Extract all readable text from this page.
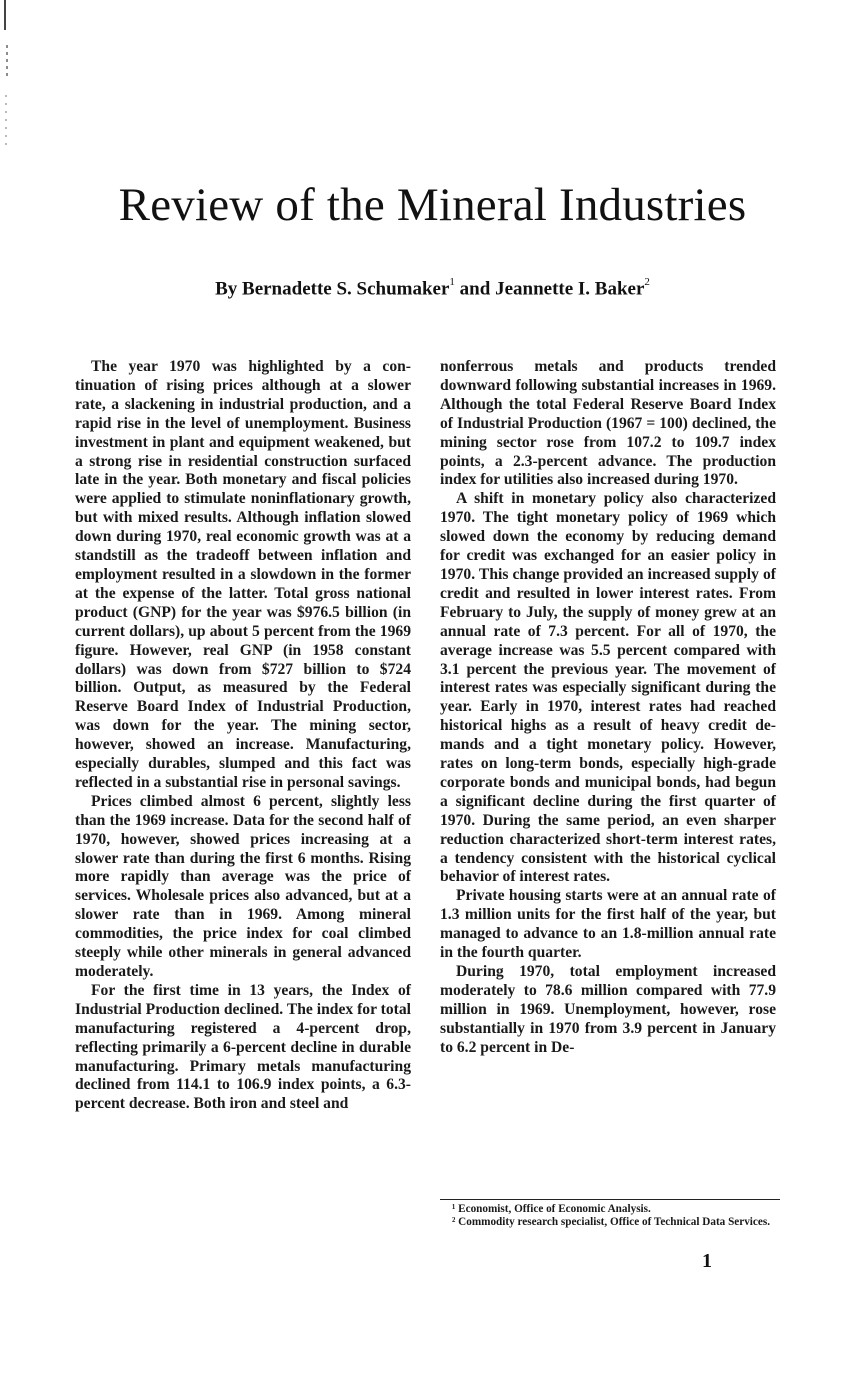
Review of the Mineral Industries

By Bernadette S. Schumaker$^1$ and Jeannette I. Baker$^2$

The year 1970 was highlighted by a continuation of rising prices although at a slower rate, a slackening in industrial production, and a rapid rise in the level of unemployment. Business investment in plant and equipment weakened, but a strong rise in residential construction surfaced late in the year. Both monetary and fiscal policies were applied to stimulate noninflationary growth, but with mixed results. Although inflation slowed down during 1970, real economic growth was at a standstill as the tradeoff between inflation and employment resulted in a slowdown in the former at the expense of the latter. Total gross national product (GNP) for the year was $976.5 billion (in current dollars), up about 5 percent from the 1969 figure. However, real GNP (in 1958 constant dollars) was down from $727 billion to $724 billion. Output, as measured by the Federal Reserve Board Index of Industrial Production, was down for the year. The mining sector, however, showed an increase. Manufacturing, especially durables, slumped and this fact was reflected in a substantial rise in personal savings.

Prices climbed almost 6 percent, slightly less than the 1969 increase. Data for the second half of 1970, however, showed prices increasing at a slower rate than during the first 6 months. Rising more rapidly than average was the price of services. Wholesale prices also advanced, but at a slower rate than in 1969. Among mineral commodities, the price index for coal climbed steeply while other minerals in general advanced moderately.

For the first time in 13 years, the Index of Industrial Production declined. The index for total manufacturing registered a 4-percent drop, reflecting primarily a 6-percent decline in durable manufacturing. Primary metals manufacturing declined from 114.1 to 106.9 index points, a 6.3-percent decrease. Both iron and steel and

nonferrous metals and products trended downward following substantial increases in 1969. Although the total Federal Reserve Board Index of Industrial Production (1967 = 100) declined, the mining sector rose from 107.2 to 109.7 index points, a 2.3-percent advance. The production index for utilities also increased during 1970.

A shift in monetary policy also characterized 1970. The tight monetary policy of 1969 which slowed down the economy by reducing demand for credit was exchanged for an easier policy in 1970. This change provided an increased supply of credit and resulted in lower interest rates. From February to July, the supply of money grew at an annual rate of 7.3 percent. For all of 1970, the average increase was 5.5 percent compared with 3.1 percent the previous year. The movement of interest rates was especially significant during the year. Early in 1970, interest rates had reached historical highs as a result of heavy credit demands and a tight monetary policy. However, rates on long-term bonds, especially high-grade corporate bonds and municipal bonds, had begun a significant decline during the first quarter of 1970. During the same period, an even sharper reduction characterized short-term interest rates, a tendency consistent with the historical cyclical behavior of interest rates.

Private housing starts were at an annual rate of 1.3 million units for the first half of the year, but managed to advance to an 1.8-million annual rate in the fourth quarter.

During 1970, total employment increased moderately to 78.6 million compared with 77.9 million in 1969. Unemployment, however, rose substantially in 1970 from 3.9 percent in January to 6.2 percent in De-

¹ Economist, Office of Economic Analysis.
² Commodity research specialist, Office of Technical Data Services.
1
